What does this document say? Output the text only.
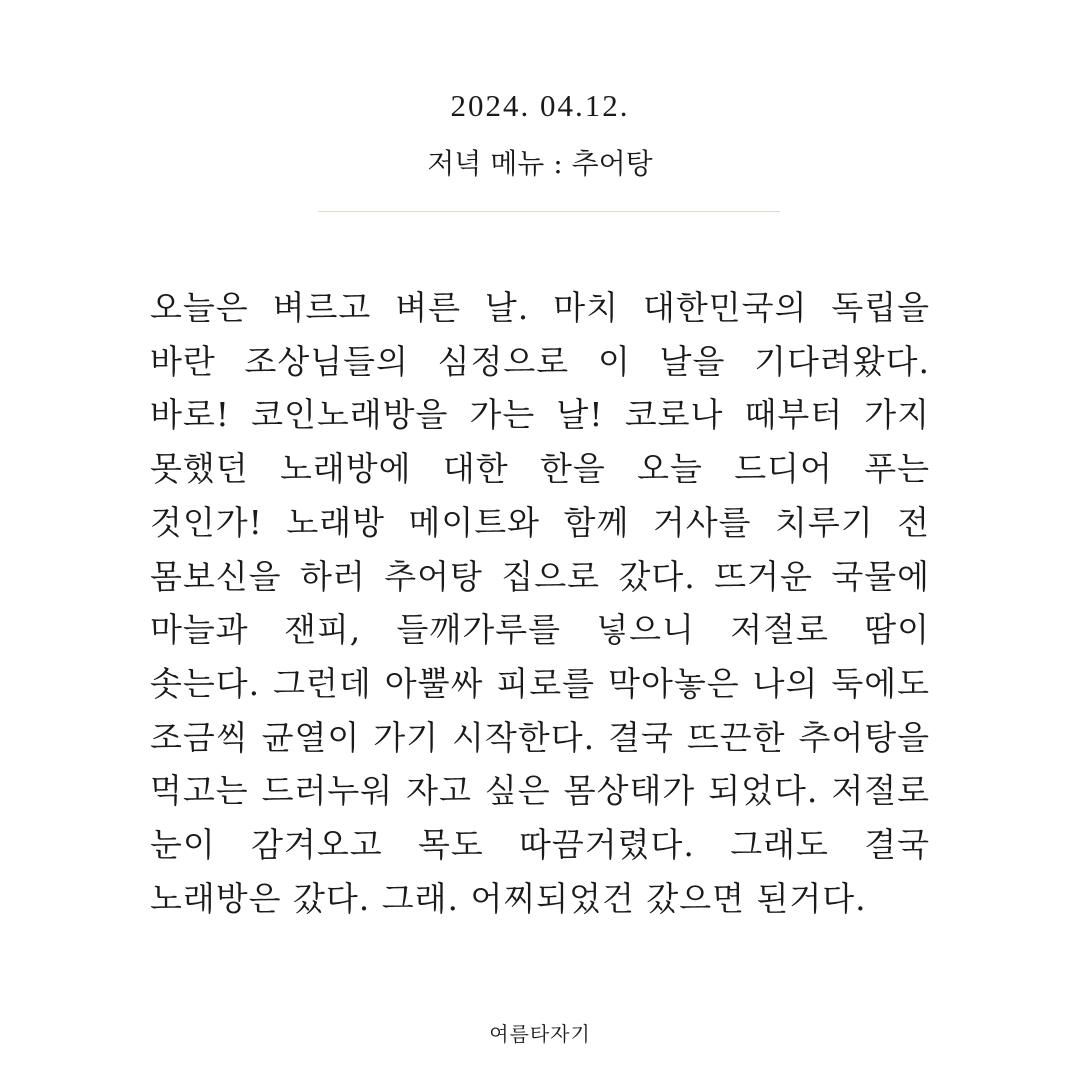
2024. 04.12.
저녁 메뉴 : 추어탕

오늘은 벼르고 벼른 날. 마치 대한민국의 독립을 바란 조상님들의 심정으로 이 날을 기다려왔다. 바로! 코인노래방을 가는 날! 코로나 때부터 가지 못했던 노래방에 대한 한을 오늘 드디어 푸는 것인가! 노래방 메이트와 함께 거사를 치루기 전 몸보신을 하러 추어탕 집으로 갔다. 뜨거운 국물에 마늘과 잰피, 들깨가루를 넣으니 저절로 땀이 솟는다. 그런데 아뿔싸 피로를 막아놓은 나의 둑에도 조금씩 균열이 가기 시작한다. 결국 뜨끈한 추어탕을 먹고는 드러누워 자고 싶은 몸상태가 되었다. 저절로 눈이 감겨오고 목도 따끔거렸다. 그래도 결국 노래방은 갔다. 그래. 어찌되었건 갔으면 된거다.

여름타자기
